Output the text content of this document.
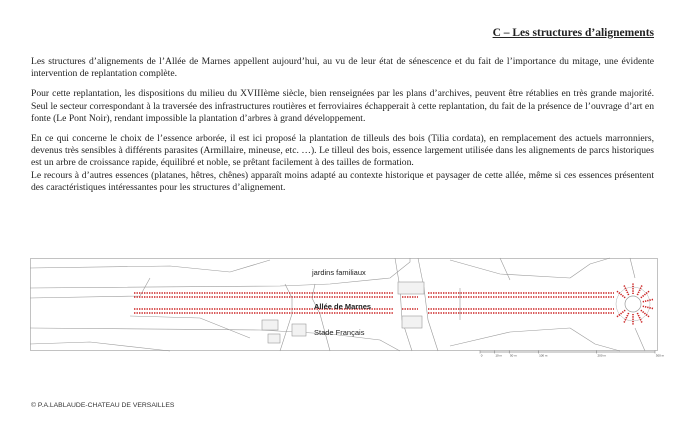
C – Les structures d’alignements

Les structures d’alignements de l’Allée de Marnes appellent aujourd’hui, au vu de leur état de sénescence et du fait de l’importance du mitage, une évidente intervention de replantation complète.

Pour cette replantation, les dispositions du milieu du XVIIIème siècle, bien renseignées par les plans d’archives, peuvent être rétablies en très grande majorité. Seul le secteur correspondant à la traversée des infrastructures routières et ferroviaires échapperait à cette replantation, du fait de la présence de l’ouvrage d’art en fonte (Le Pont Noir), rendant impossible la plantation d’arbres à grand développement.

En ce qui concerne le choix de l’essence arborée, il est ici proposé la plantation de tilleuls des bois (Tilia cordata), en remplacement des actuels marronniers, devenus très sensibles à différents parasites (Armillaire, mineuse, etc. …). Le tilleul des bois, essence largement utilisée dans les alignements de parcs historiques est un arbre de croissance rapide, équilibré et noble, se prêtant facilement à des tailles de formation.

Le recours à d’autres essences (platanes, hêtres, chênes) apparaît moins adapté au contexte historique et paysager de cette allée, même si ces essences présentent des caractéristiques intéressantes pour les structures d’alignement.

jardins familiaux
Allée de Marnes
Stade Français
0	10 m	50 m	100 m	200 m	300 m
© P.A.LABLAUDE-CHATEAU DE VERSAILLES
